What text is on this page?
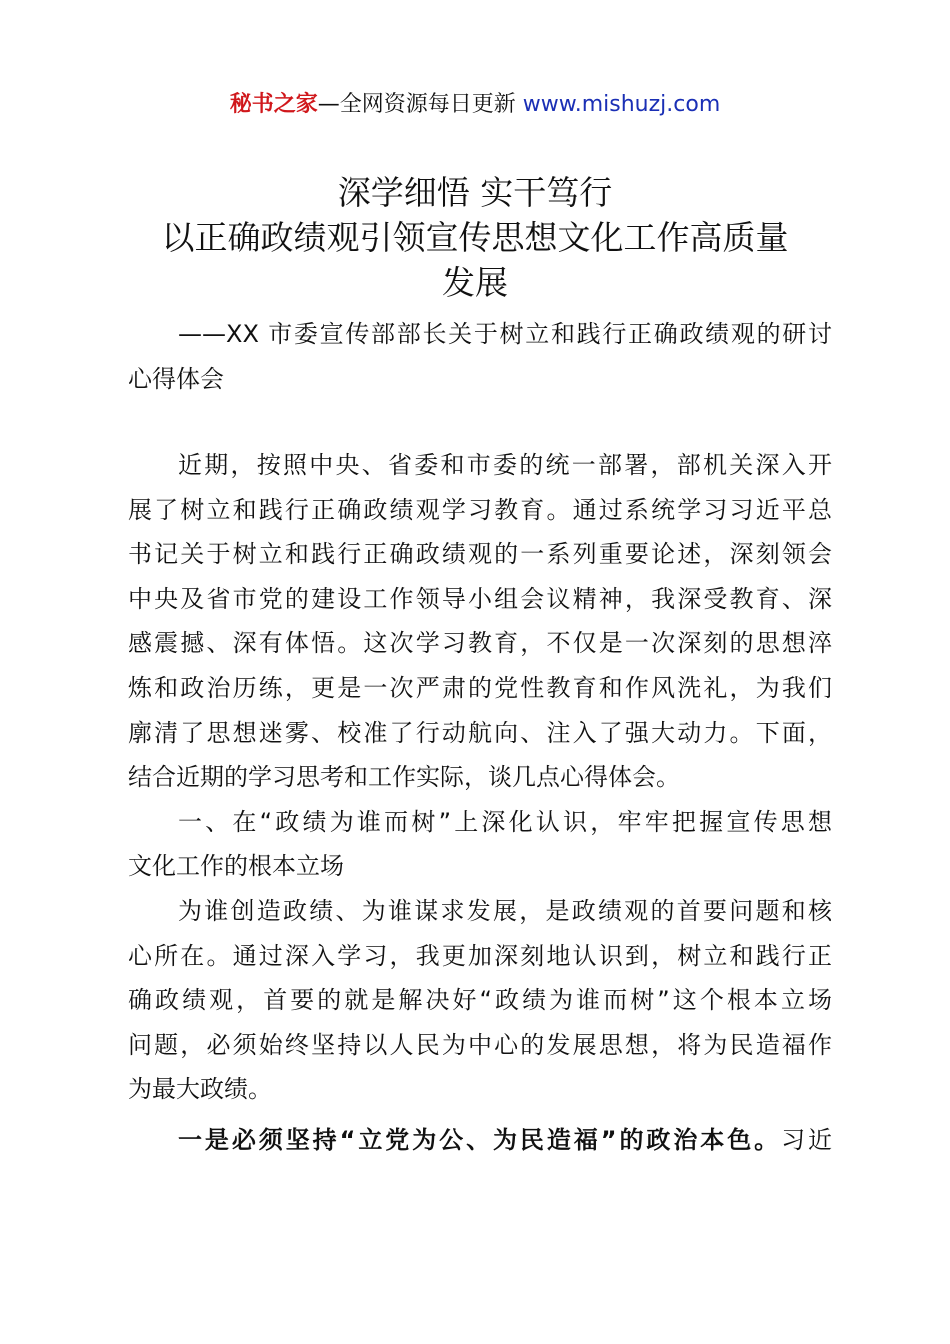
秘书之家—全网资源每日更新 www.mishuzj.com
深学细悟 实干笃行
以正确政绩观引领宣传思想文化工作高质量
发展
——XX 市委宣传部部长关于树立和践行正确政绩观的研讨
心得体会
近期，按照中央、省委和市委的统一部署，部机关深入开
展了树立和践行正确政绩观学习教育。通过系统学习习近平总
书记关于树立和践行正确政绩观的一系列重要论述，深刻领会
中央及省市党的建设工作领导小组会议精神，我深受教育、深
感震撼、深有体悟。这次学习教育，不仅是一次深刻的思想淬
炼和政治历练，更是一次严肃的党性教育和作风洗礼，为我们
廓清了思想迷雾、校准了行动航向、注入了强大动力。下面，
结合近期的学习思考和工作实际，谈几点心得体会。
一、在“政绩为谁而树”上深化认识，牢牢把握宣传思想
文化工作的根本立场
为谁创造政绩、为谁谋求发展，是政绩观的首要问题和核
心所在。通过深入学习，我更加深刻地认识到，树立和践行正
确政绩观，首要的就是解决好“政绩为谁而树”这个根本立场
问题，必须始终坚持以人民为中心的发展思想，将为民造福作
为最大政绩。
一是必须坚持“立党为公、为民造福”的政治本色。习近
